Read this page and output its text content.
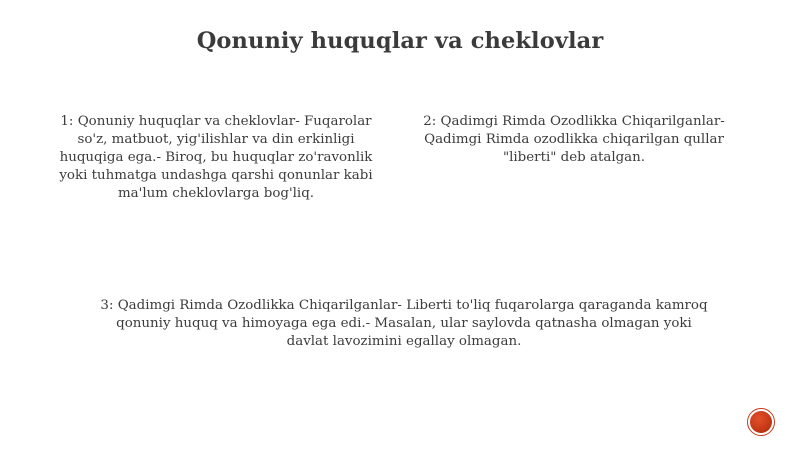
Qonuniy huquqlar va cheklovlar
1: Qonuniy huquqlar va cheklovlar- Fuqarolar so'z, matbuot, yig'ilishlar va din erkinligi huquqiga ega.- Biroq, bu huquqlar zo'ravonlik yoki tuhmatga undashga qarshi qonunlar kabi ma'lum cheklovlarga bog'liq.
2: Qadimgi Rimda Ozodlikka Chiqarilganlar- Qadimgi Rimda ozodlikka chiqarilgan qullar "liberti" deb atalgan.
3: Qadimgi Rimda Ozodlikka Chiqarilganlar- Liberti to'liq fuqarolarga qaraganda kamroq qonuniy huquq va himoyaga ega edi.- Masalan, ular saylovda qatnasha olmagan yoki davlat lavozimini egallay olmagan.
